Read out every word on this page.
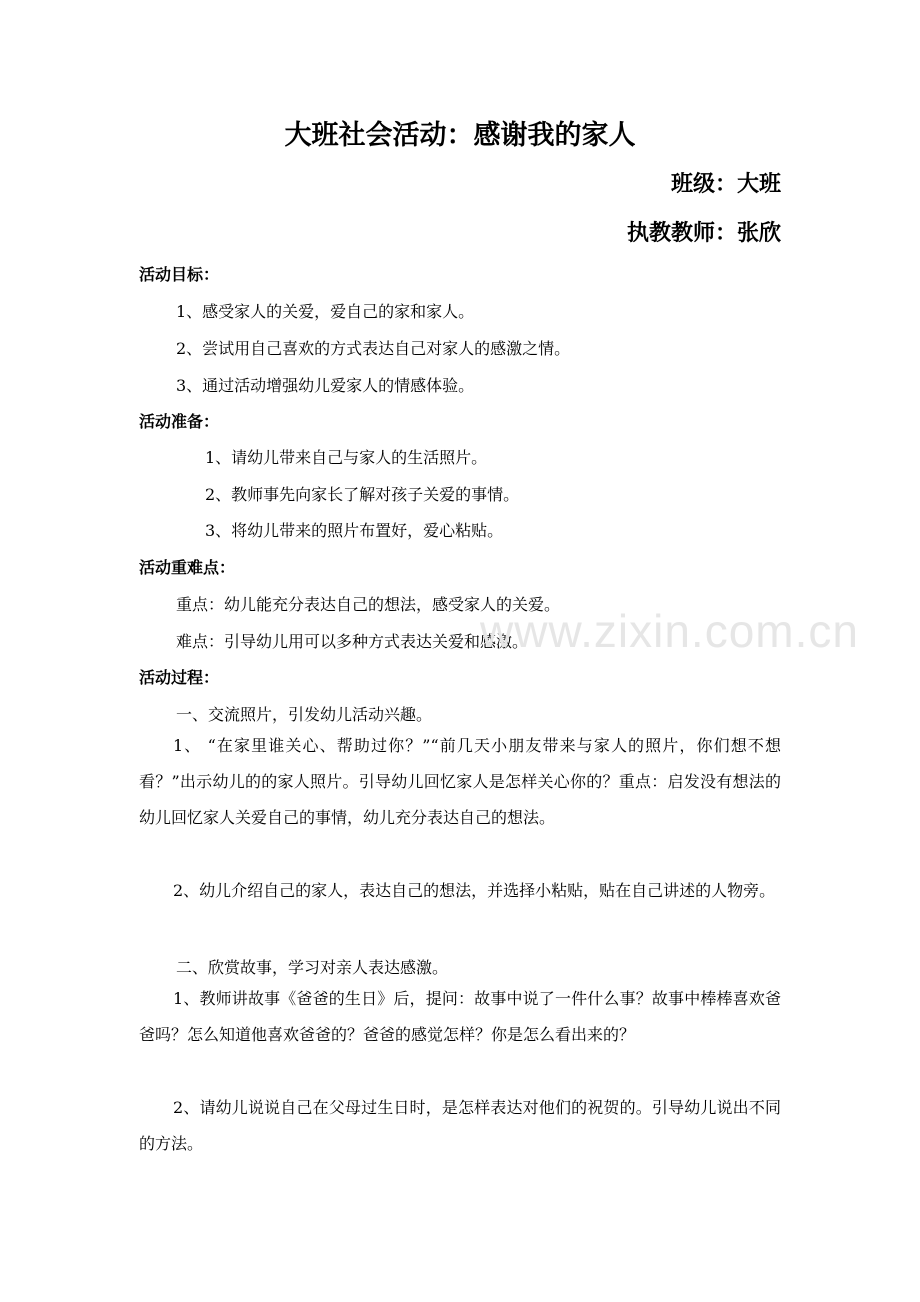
大班社会活动：感谢我的家人
班级：大班
执教教师：张欣
活动目标：
1、感受家人的关爱，爱自己的家和家人。
2、尝试用自己喜欢的方式表达自己对家人的感激之情。
3、通过活动增强幼儿爱家人的情感体验。
活动准备：
1、请幼儿带来自己与家人的生活照片。
2、教师事先向家长了解对孩子关爱的事情。
3、将幼儿带来的照片布置好，爱心粘贴。
活动重难点：
重点：幼儿能充分表达自己的想法，感受家人的关爱。
难点：引导幼儿用可以多种方式表达关爱和感激。
www.zixin.com.cn
活动过程：
一、交流照片，引发幼儿活动兴趣。
1、 “在家里谁关心、帮助过你？”“前几天小朋友带来与家人的照片，你们想不想看？”出示幼儿的的家人照片。引导幼儿回忆家人是怎样关心你的？重点：启发没有想法的幼儿回忆家人关爱自己的事情，幼儿充分表达自己的想法。
2、幼儿介绍自己的家人，表达自己的想法，并选择小粘贴，贴在自己讲述的人物旁。
二、欣赏故事，学习对亲人表达感激。
1、教师讲故事《爸爸的生日》后，提问：故事中说了一件什么事？故事中棒棒喜欢爸爸吗？怎么知道他喜欢爸爸的？爸爸的感觉怎样？你是怎么看出来的？
2、请幼儿说说自己在父母过生日时，是怎样表达对他们的祝贺的。引导幼儿说出不同的方法。
